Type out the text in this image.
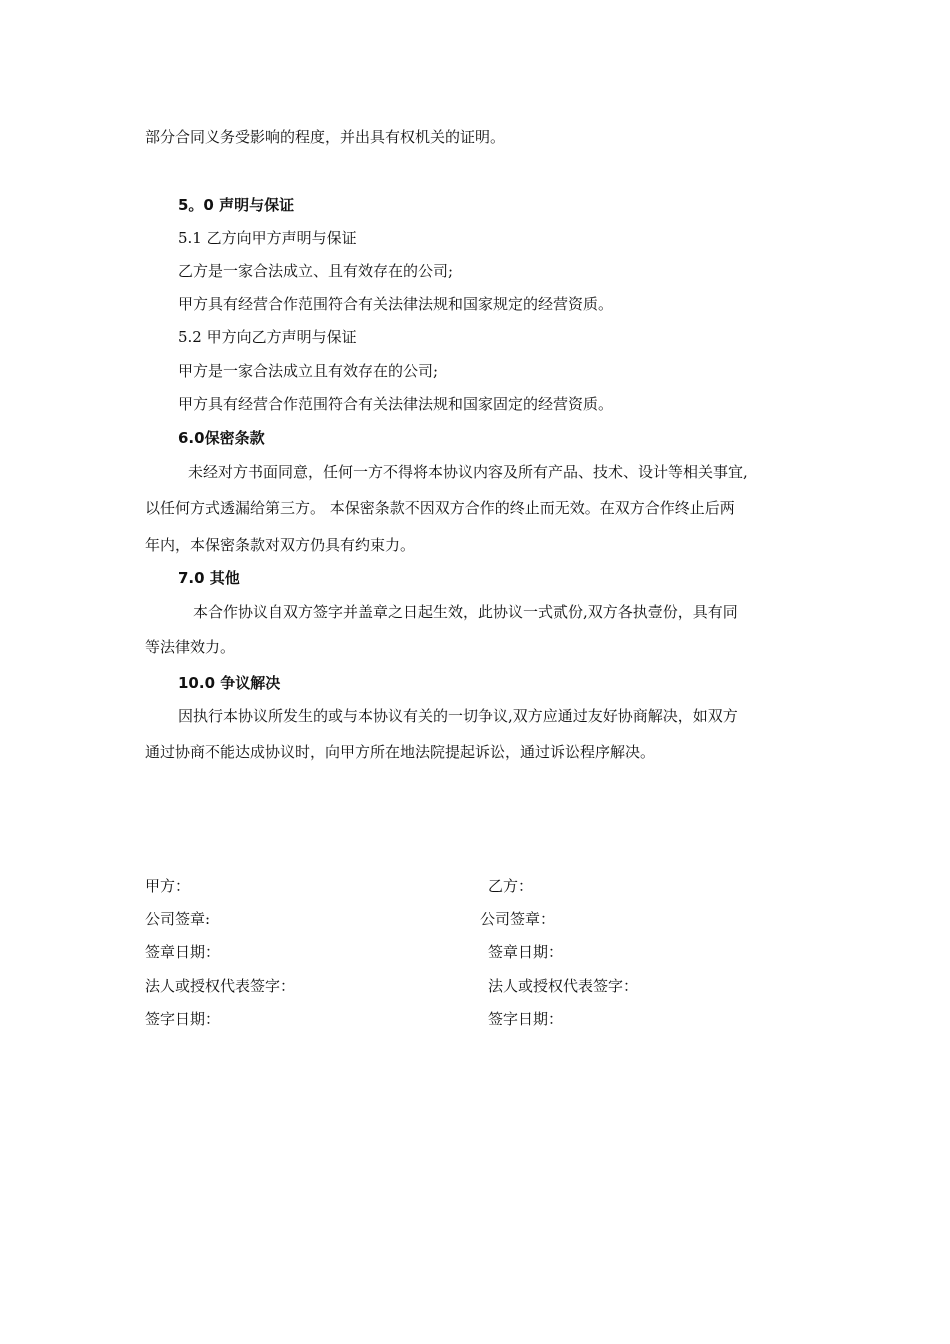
部分合同义务受影响的程度，并出具有权机关的证明。
5。0 声明与保证
5.1 乙方向甲方声明与保证
乙方是一家合法成立、且有效存在的公司;
甲方具有经营合作范围符合有关法律法规和国家规定的经营资质。
5.2 甲方向乙方声明与保证
甲方是一家合法成立且有效存在的公司;
甲方具有经营合作范围符合有关法律法规和国家固定的经营资质。
6.0保密条款
未经对方书面同意，任何一方不得将本协议内容及所有产品、技术、设计等相关事宜,
以任何方式透漏给第三方。 本保密条款不因双方合作的终止而无效。在双方合作终止后两
年内，本保密条款对双方仍具有约束力。
7.0 其他
本合作协议自双方签字并盖章之日起生效，此协议一式贰份,双方各执壹份，具有同
等法律效力。
10.0 争议解决
因执行本协议所发生的或与本协议有关的一切争议,双方应通过友好协商解决，如双方
通过协商不能达成协议时，向甲方所在地法院提起诉讼，通过诉讼程序解决。
甲方：
公司签章:
签章日期：
法人或授权代表签字：
签字日期：
乙方：
公司签章：
签章日期：
法人或授权代表签字：
签字日期：
